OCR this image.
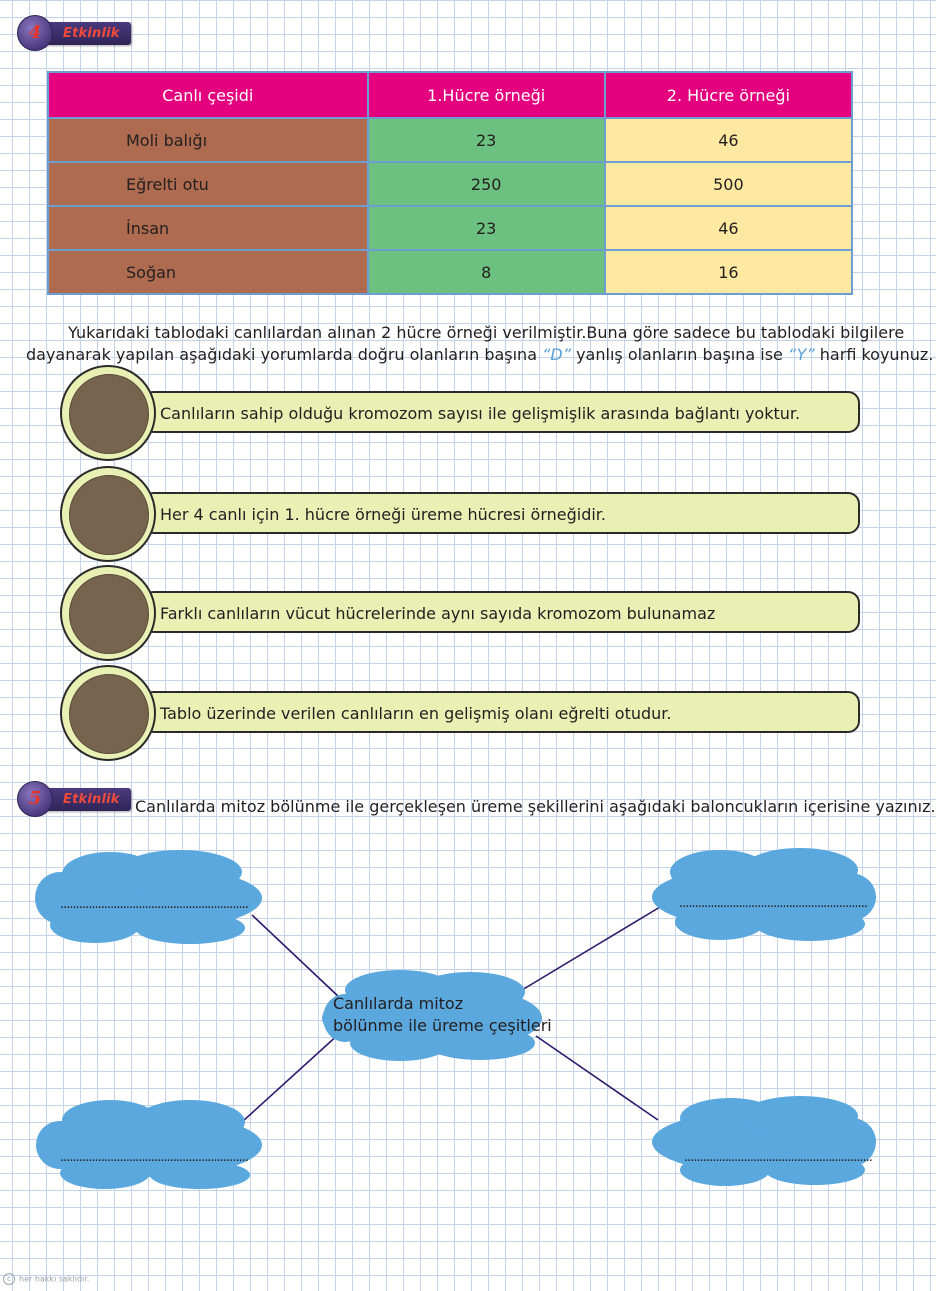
Etkinlik
4
Canlı çeşidi	1.Hücre örneği	2. Hücre örneği
Moli balığı	23	46
Eğrelti otu	250	500
İnsan	23	46
Soğan	8	16
Yukarıdaki tablodaki canlılardan alınan 2 hücre örneği verilmiştir.Buna göre sadece bu tablodaki bilgilere
dayanarak yapılan aşağıdaki yorumlarda doğru olanların başına “D” yanlış olanların başına ise “Y” harfi koyunuz.
Canlıların sahip olduğu kromozom sayısı ile gelişmişlik arasında bağlantı yoktur.
Her 4 canlı için 1. hücre örneği üreme hücresi örneğidir.
Farklı canlıların vücut hücrelerinde aynı sayıda kromozom bulunamaz
Tablo üzerinde verilen canlıların en gelişmiş olanı eğrelti otudur.
Etkinlik
5	Canlılarda mitoz bölünme ile gerçekleşen üreme şekillerini aşağıdaki baloncukların içerisine yazınız.
............................................................	............................................................
............................................................	............................................................
Canlılarda mitoz
bölünme ile üreme çeşitleri
c her hakkı saklıdır.
